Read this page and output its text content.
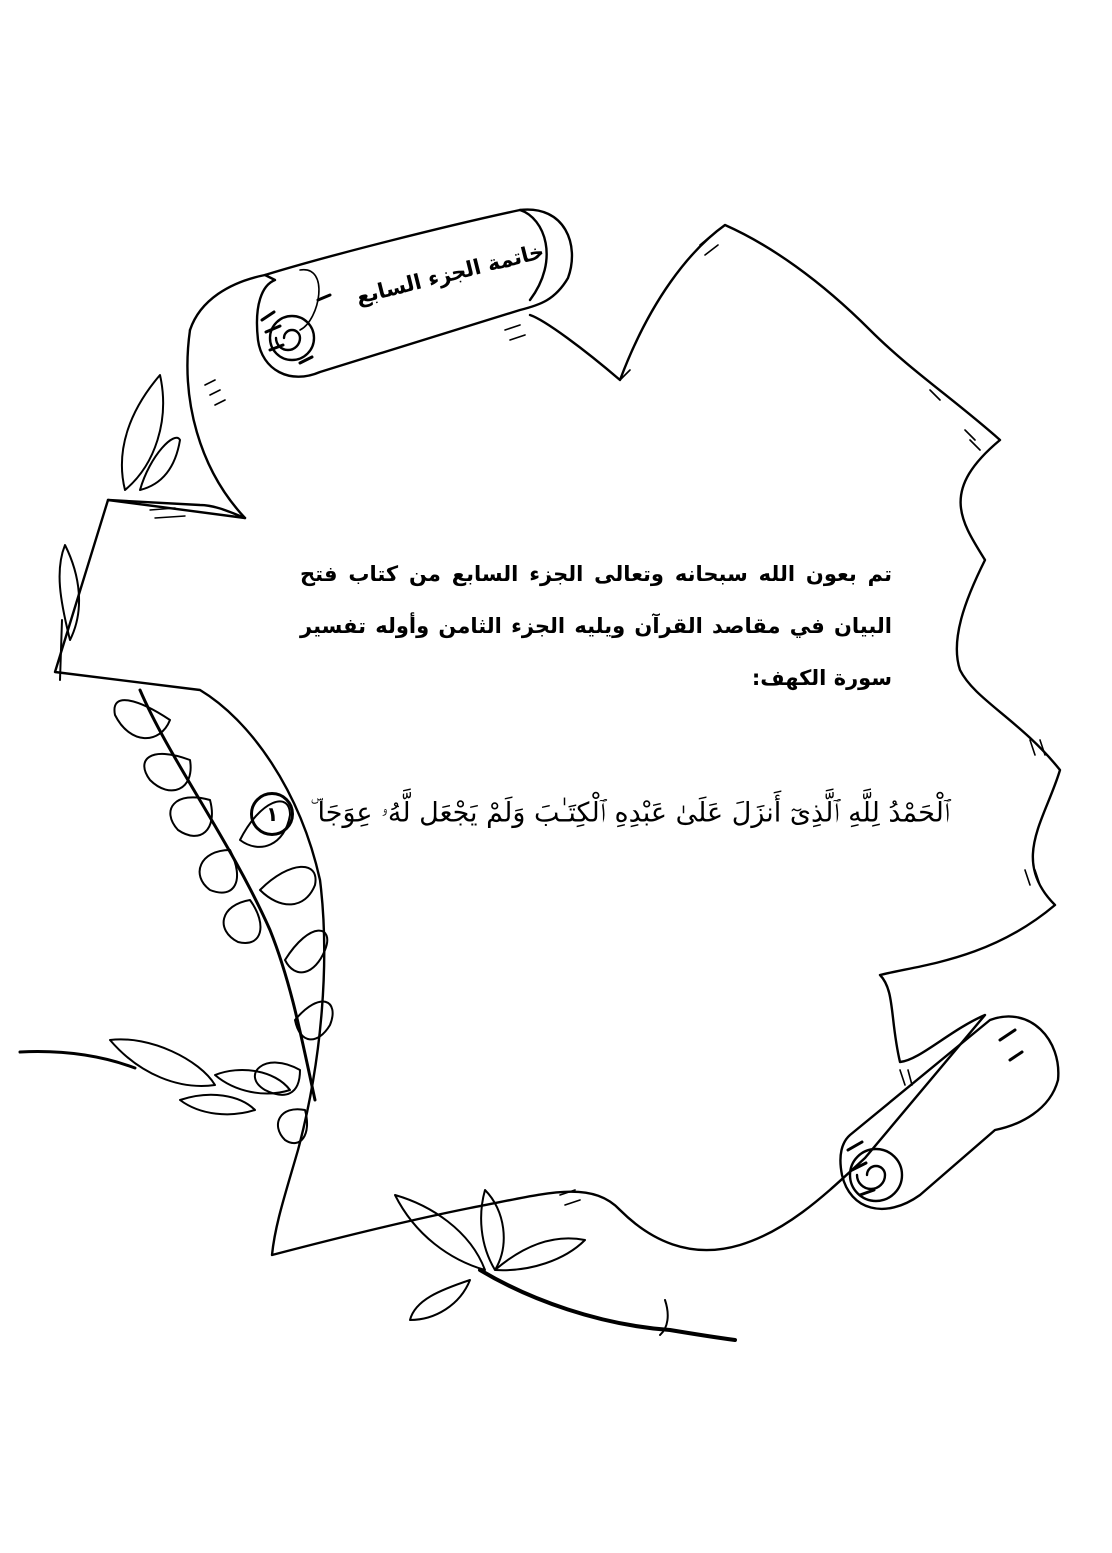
خاتمة الجزء السابع
تم بعون الله سبحانه وتعالى الجزء السابع من كتاب فتح البيان في مقاصد القرآن ويليه الجزء الثامن وأوله تفسير سورة الكهف:
ٱلْحَمْدُ لِلَّهِ ٱلَّذِىٓ أَنزَلَ عَلَىٰ عَبْدِهِ ٱلْكِتَـٰبَ وَلَمْ يَجْعَل لَّهُۥ عِوَجَا ۜ ١
